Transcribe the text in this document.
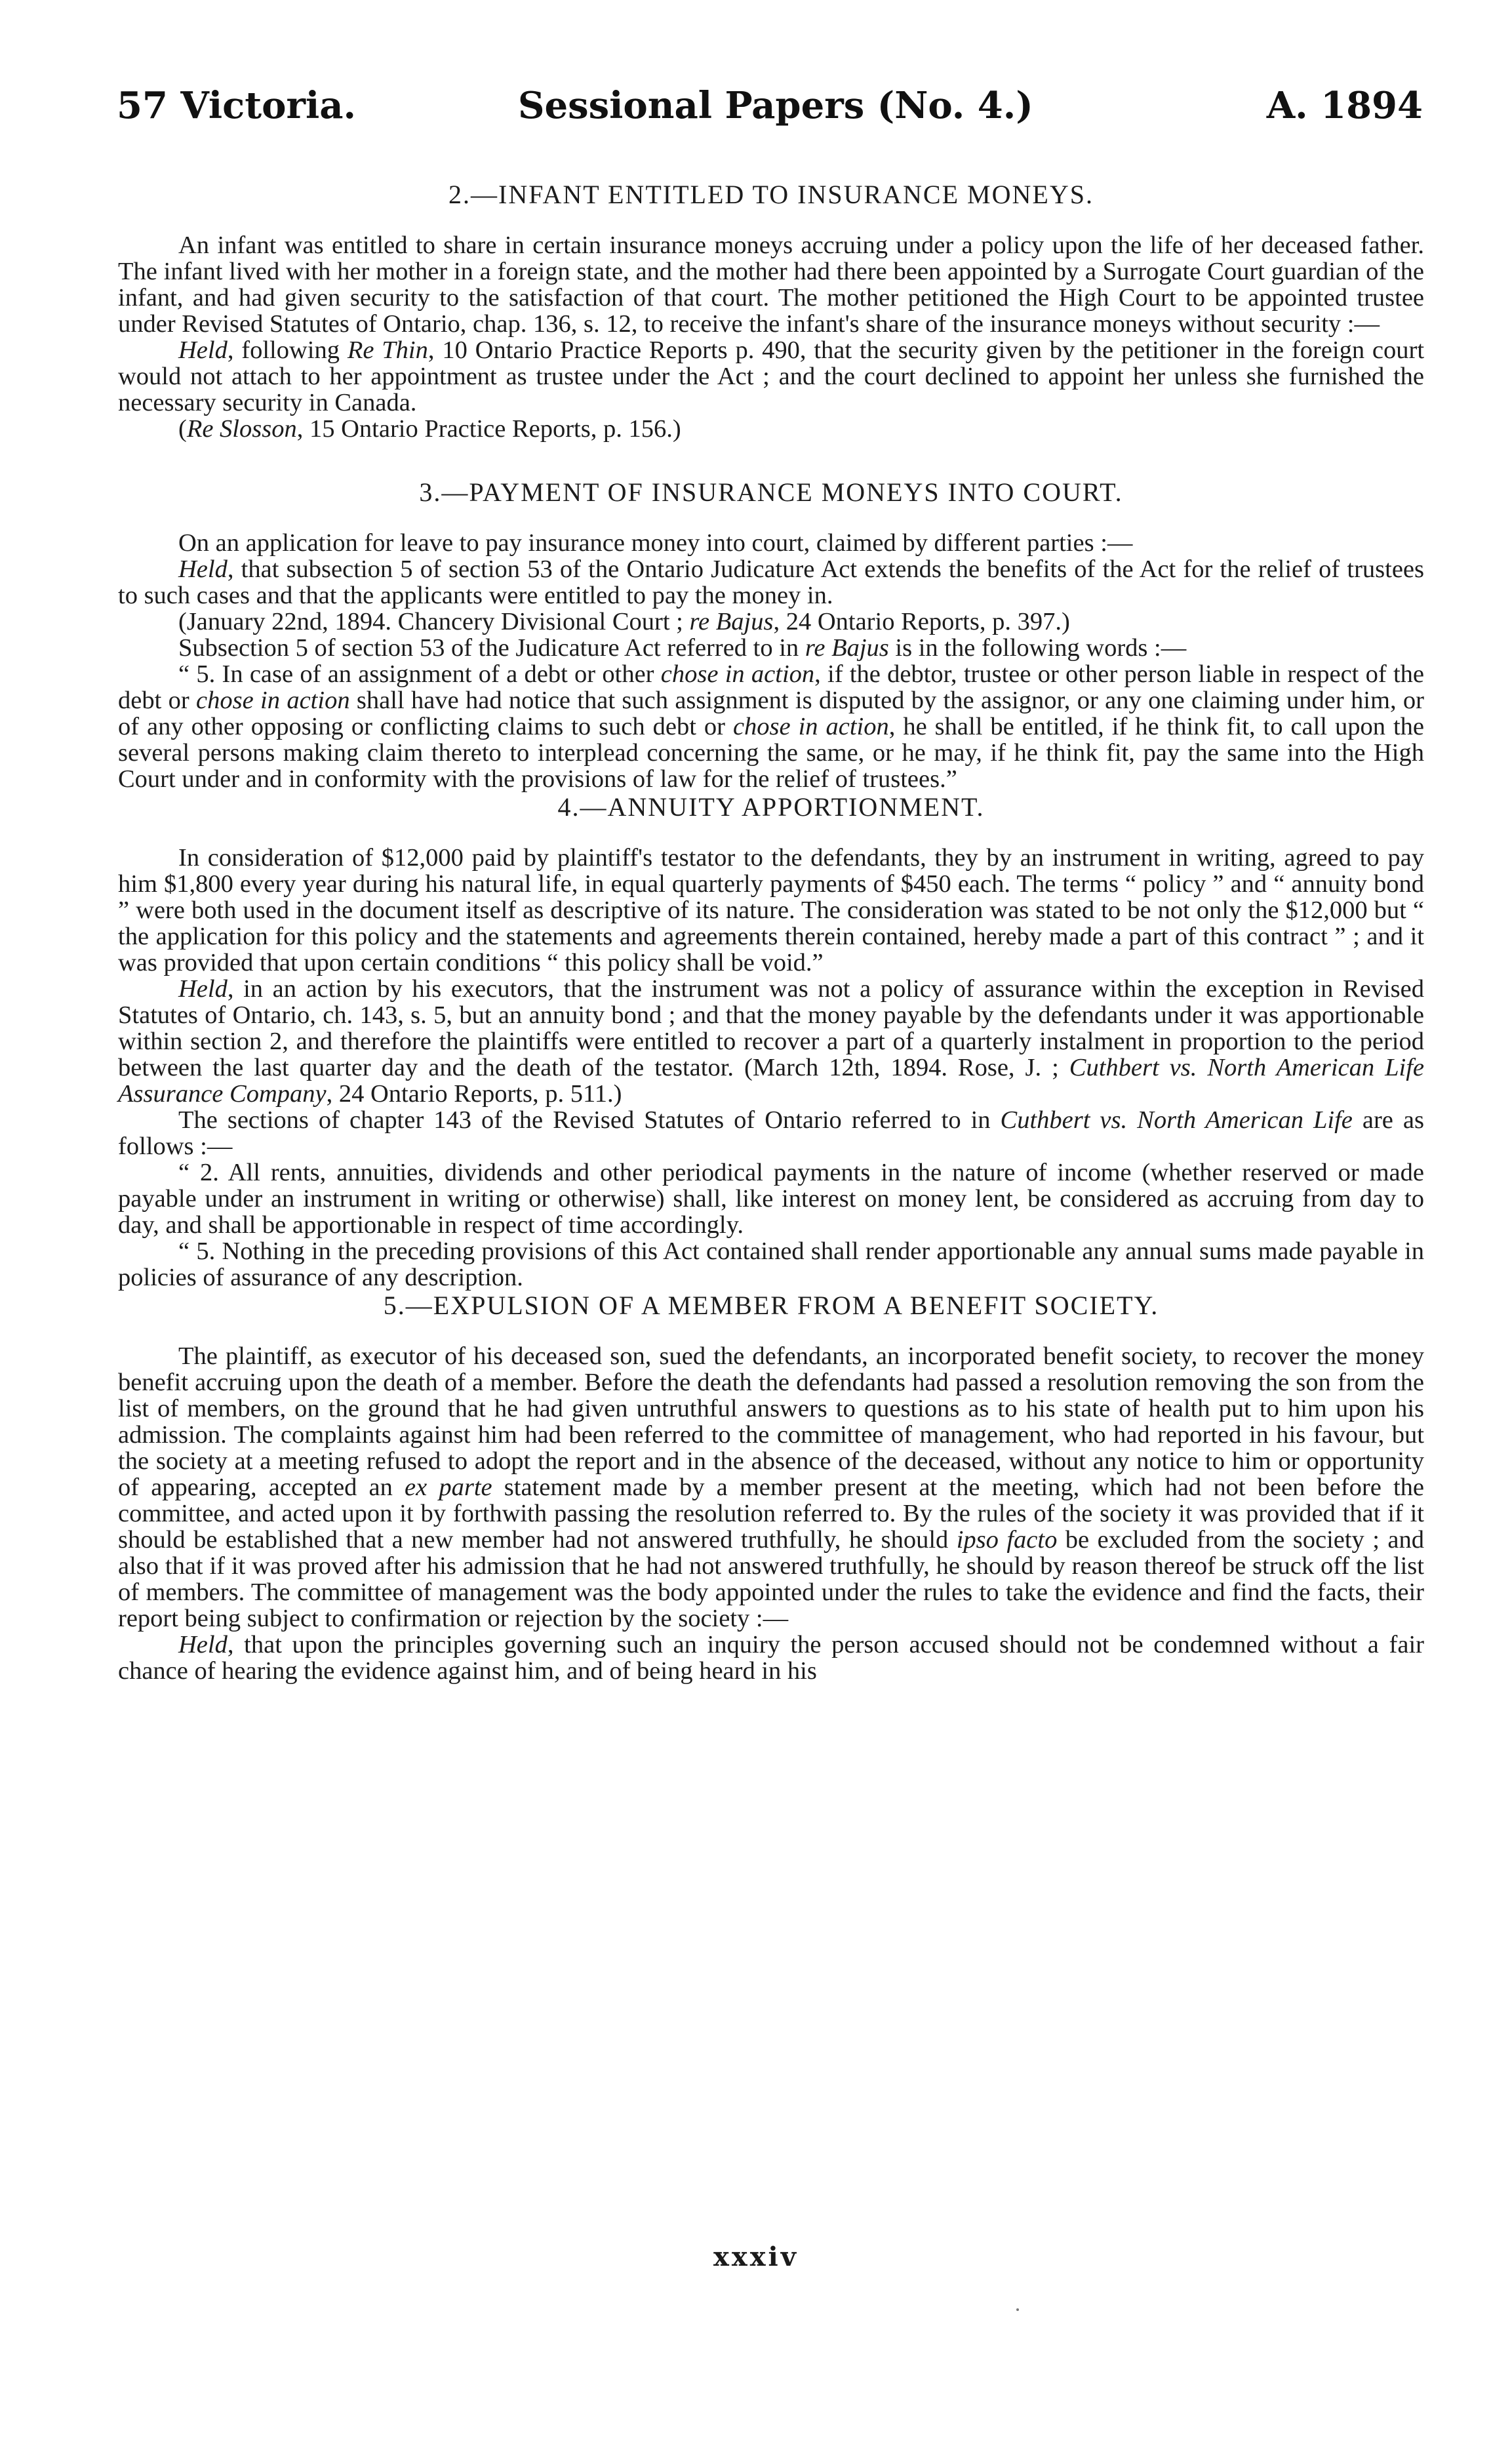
57 Victoria.	Sessional Papers (No. 4.)	A. 1894
2.—INFANT ENTITLED TO INSURANCE MONEYS.

An infant was entitled to share in certain insurance moneys accruing under a policy upon the life of her deceased father. The infant lived with her mother in a foreign state, and the mother had there been appointed by a Surrogate Court guardian of the infant, and had given security to the satisfaction of that court. The mother petitioned the High Court to be appointed trustee under Revised Statutes of Ontario, chap. 136, s. 12, to receive the infant's share of the insurance moneys without security :—

Held, following Re Thin, 10 Ontario Practice Reports p. 490, that the security given by the petitioner in the foreign court would not attach to her appointment as trustee under the Act ; and the court declined to appoint her unless she furnished the necessary security in Canada.

(Re Slosson, 15 Ontario Practice Reports, p. 156.)

3.—PAYMENT OF INSURANCE MONEYS INTO COURT.

On an application for leave to pay insurance money into court, claimed by different parties :—

Held, that subsection 5 of section 53 of the Ontario Judicature Act extends the benefits of the Act for the relief of trustees to such cases and that the applicants were entitled to pay the money in.

(January 22nd, 1894. Chancery Divisional Court ; re Bajus, 24 Ontario Reports, p. 397.)

Subsection 5 of section 53 of the Judicature Act referred to in re Bajus is in the following words :—

“ 5. In case of an assignment of a debt or other chose in action, if the debtor, trustee or other person liable in respect of the debt or chose in action shall have had notice that such assignment is disputed by the assignor, or any one claiming under him, or of any other opposing or conflicting claims to such debt or chose in action, he shall be entitled, if he think fit, to call upon the several persons making claim thereto to interplead concerning the same, or he may, if he think fit, pay the same into the High Court under and in conformity with the provisions of law for the relief of trustees.”

4.—ANNUITY APPORTIONMENT.

In consideration of $12,000 paid by plaintiff's testator to the defendants, they by an instrument in writing, agreed to pay him $1,800 every year during his natural life, in equal quarterly payments of $450 each. The terms “ policy ” and “ annuity bond ” were both used in the document itself as descriptive of its nature. The consideration was stated to be not only the $12,000 but “ the application for this policy and the statements and agreements therein contained, hereby made a part of this contract ” ; and it was provided that upon certain conditions “ this policy shall be void.”

Held, in an action by his executors, that the instrument was not a policy of assurance within the exception in Revised Statutes of Ontario, ch. 143, s. 5, but an annuity bond ; and that the money payable by the defendants under it was apportionable within section 2, and therefore the plaintiffs were entitled to recover a part of a quarterly instalment in proportion to the period between the last quarter day and the death of the testator. (March 12th, 1894. Rose, J. ; Cuthbert vs. North American Life Assurance Company, 24 Ontario Reports, p. 511.)

The sections of chapter 143 of the Revised Statutes of Ontario referred to in Cuthbert vs. North American Life are as follows :—

“ 2. All rents, annuities, dividends and other periodical payments in the nature of income (whether reserved or made payable under an instrument in writing or otherwise) shall, like interest on money lent, be considered as accruing from day to day, and shall be apportionable in respect of time accordingly.

“ 5. Nothing in the preceding provisions of this Act contained shall render apportionable any annual sums made payable in policies of assurance of any description.

5.—EXPULSION OF A MEMBER FROM A BENEFIT SOCIETY.

The plaintiff, as executor of his deceased son, sued the defendants, an incorporated benefit society, to recover the money benefit accruing upon the death of a member. Before the death the defendants had passed a resolution removing the son from the list of members, on the ground that he had given untruthful answers to questions as to his state of health put to him upon his admission. The complaints against him had been referred to the committee of management, who had reported in his favour, but the society at a meeting refused to adopt the report and in the absence of the deceased, without any notice to him or opportunity of appearing, accepted an ex parte statement made by a member present at the meeting, which had not been before the committee, and acted upon it by forthwith passing the resolution referred to. By the rules of the society it was provided that if it should be established that a new member had not answered truthfully, he should ipso facto be excluded from the society ; and also that if it was proved after his admission that he had not answered truthfully, he should by reason thereof be struck off the list of members. The committee of management was the body appointed under the rules to take the evidence and find the facts, their report being subject to confirmation or rejection by the society :—

Held, that upon the principles governing such an inquiry the person accused should not be condemned without a fair chance of hearing the evidence against him, and of being heard in his

xxxiv
